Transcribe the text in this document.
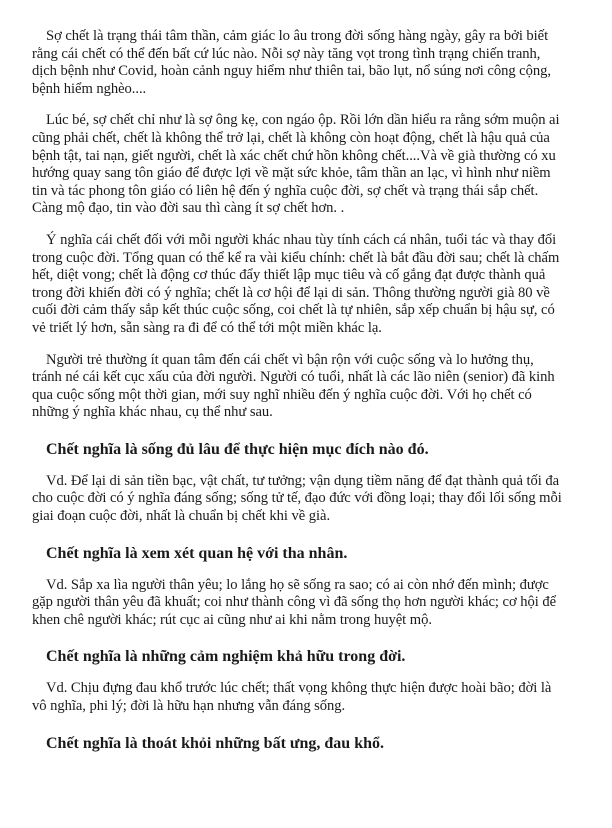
Sợ chết là trạng thái tâm thần, cảm giác lo âu trong đời sống hàng ngày, gây ra bởi biết rằng cái chết có thể đến bất cứ lúc nào. Nỗi sợ này tăng vọt trong tình trạng chiến tranh, dịch bệnh như Covid, hoàn cảnh nguy hiểm như thiên tai, bão lụt, nổ súng nơi công cộng, bệnh hiểm nghèo....

Lúc bé, sợ chết chỉ như là sợ ông kẹ, con ngáo ộp. Rồi lớn dần hiểu ra rằng sớm muộn ai cũng phải chết, chết là không thể trở lại, chết là không còn hoạt động, chết là hậu quả của bệnh tật, tai nạn, giết người, chết là xác chết chứ hồn không chết....Và về già thường có xu hướng quay sang tôn giáo để được lợi về mặt sức khỏe, tâm thần an lạc, vì hình như niềm tin và tác phong tôn giáo có liên hệ đến ý nghĩa cuộc đời, sợ chết và trạng thái sắp chết. Càng mộ đạo, tin vào đời sau thì càng ít sợ chết hơn. .

Ý nghĩa cái chết đối với mỗi người khác nhau tùy tính cách cá nhân, tuổi tác và thay đổi trong cuộc đời. Tổng quan có thể kể ra vài kiểu chính: chết là bắt đầu đời sau; chết là chấm hết, diệt vong; chết là động cơ thúc đẩy thiết lập mục tiêu và cố gắng đạt được thành quả trong đời khiến đời có ý nghĩa; chết là cơ hội để lại di sản. Thông thường người già 80 về cuối đời cảm thấy sắp kết thúc cuộc sống, coi chết là tự nhiên, sắp xếp chuẩn bị hậu sự, có vẻ triết lý hơn, sẵn sàng ra đi để có thể tới một miền khác lạ.

Người trẻ thường ít quan tâm đến cái chết vì bận rộn với cuộc sống và lo hưởng thụ, tránh né cái kết cục xấu của đời người. Người có tuổi, nhất là các lão niên (senior) đã kinh qua cuộc sống một thời gian, mới suy nghĩ nhiều đến ý nghĩa cuộc đời. Với họ chết có những ý nghĩa khác nhau, cụ thể như sau.

Chết nghĩa là sống đủ lâu để thực hiện mục đích nào đó.

Vd. Để lại di sản tiền bạc, vật chất, tư tưởng; vận dụng tiềm năng để đạt thành quả tối đa cho cuộc đời có ý nghĩa đáng sống; sống tử tế, đạo đức với đồng loại; thay đổi lối sống mỗi giai đoạn cuộc đời, nhất là chuẩn bị chết khi về già.

Chết nghĩa là xem xét quan hệ với tha nhân.

Vd. Sắp xa lìa người thân yêu; lo lắng họ sẽ sống ra sao; có ai còn nhớ đến mình; được gặp người thân yêu đã khuất; coi như thành công vì đã sống thọ hơn người khác; cơ hội để khen chê người khác; rút cục ai cũng như ai khi nằm trong huyệt mộ.

Chết nghĩa là những cảm nghiệm khả hữu trong đời.

Vd. Chịu đựng đau khổ trước lúc chết; thất vọng không thực hiện được hoài bão; đời là vô nghĩa, phi lý; đời là hữu hạn nhưng vẫn đáng sống.

Chết nghĩa là thoát khỏi những bất ưng, đau khổ.
